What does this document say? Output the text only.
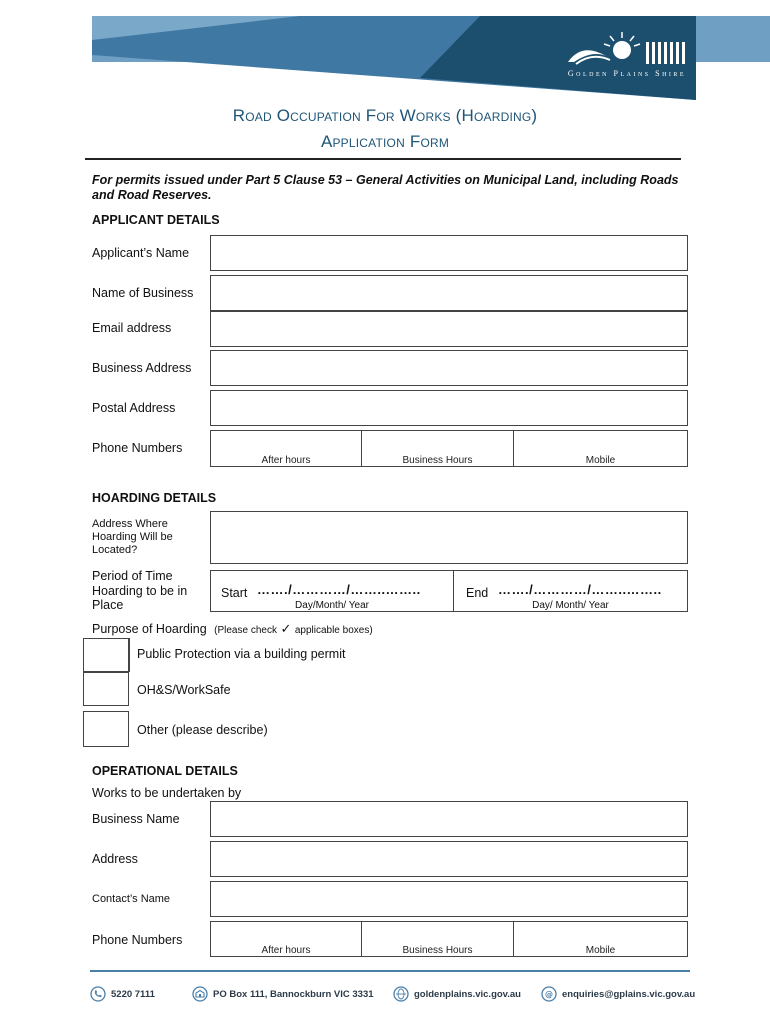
Golden Plains Shire
Road Occupation For Works (Hoarding)
Application Form
For permits issued under Part 5 Clause 53 – General Activities on Municipal Land, including Roads and Road Reserves.
APPLICANT DETAILS
Applicant’s Name
Name of Business
Email address
Business Address
Postal Address
Phone Numbers
After hours	Business Hours	Mobile
HOARDING DETAILS
Address Where Hoarding Will be Located?
Period of Time Hoarding to be in Place
Start ……./…………/……..……..
Day/Month/ Year
End ……./…………/……..……..
Day/ Month/ Year
Purpose of Hoarding (Please check ✓ applicable boxes)
Public Protection via a building permit
OH&S/WorkSafe
Other (please describe)
OPERATIONAL DETAILS
Works to be undertaken by
Business Name
Address
Contact’s Name
Phone Numbers
After hours	Business Hours	Mobile
5220 7111	PO Box 111, Bannockburn VIC 3331	goldenplains.vic.gov.au	@ enquiries@gplains.vic.gov.au
